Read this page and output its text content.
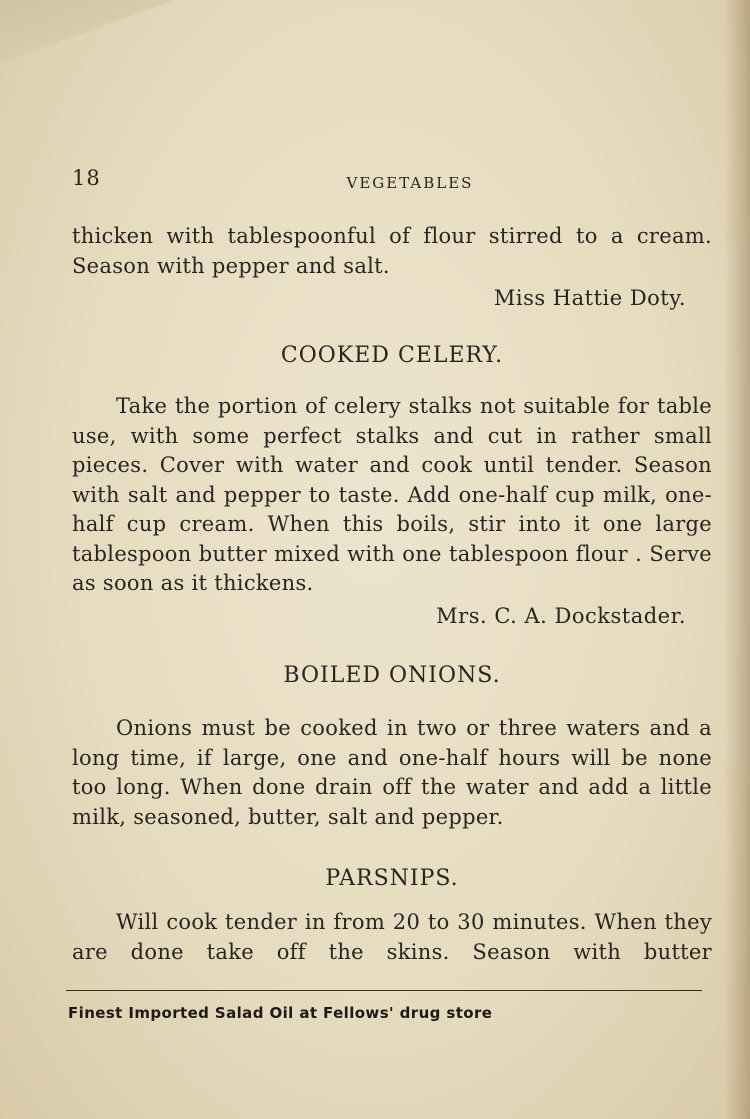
18	VEGETABLES

thicken with tablespoonful of flour stirred to a cream. Season with pepper and salt.

Miss Hattie Doty.
COOKED CELERY.

Take the portion of celery stalks not suitable for table use, with some perfect stalks and cut in rather small pieces. Cover with water and cook until tender. Season with salt and pepper to taste. Add one-half cup milk, one-half cup cream. When this boils, stir into it one large tablespoon butter mixed with one tablespoon flour . Serve as soon as it thickens.

Mrs. C. A. Dockstader.
BOILED ONIONS.

Onions must be cooked in two or three waters and a long time, if large, one and one-half hours will be none too long. When done drain off the water and add a little milk, seasoned, butter, salt and pepper.

PARSNIPS.

Will cook tender in from 20 to 30 minutes. When they are done take off the skins. Season with butter

Finest Imported Salad Oil at Fellows' drug store
